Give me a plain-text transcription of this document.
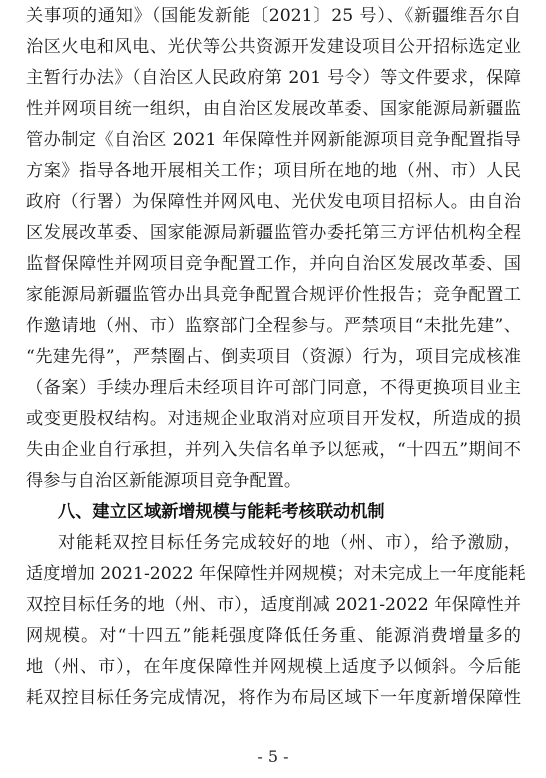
关事项的通知》（国能发新能〔2021〕25 号）、《新疆维吾尔自
治区火电和风电、光伏等公共资源开发建设项目公开招标选定业
主暂行办法》（自治区人民政府第 201 号令）等文件要求，保障
性并网项目统一组织，由自治区发展改革委、国家能源局新疆监
管办制定《自治区 2021 年保障性并网新能源项目竞争配置指导
方案》指导各地开展相关工作；项目所在地的地（州、市）人民
政府（行署）为保障性并网风电、光伏发电项目招标人。由自治
区发展改革委、国家能源局新疆监管办委托第三方评估机构全程
监督保障性并网项目竞争配置工作，并向自治区发展改革委、国
家能源局新疆监管办出具竞争配置合规评价性报告；竞争配置工
作邀请地（州、市）监察部门全程参与。严禁项目“未批先建”、
“先建先得”，严禁圈占、倒卖项目（资源）行为，项目完成核准
（备案）手续办理后未经项目许可部门同意，不得更换项目业主
或变更股权结构。对违规企业取消对应项目开发权，所造成的损
失由企业自行承担，并列入失信名单予以惩戒，“十四五”期间不
得参与自治区新能源项目竞争配置。
八、建立区域新增规模与能耗考核联动机制
对能耗双控目标任务完成较好的地（州、市），给予激励，
适度增加 2021-2022 年保障性并网规模；对未完成上一年度能耗
双控目标任务的地（州、市），适度削减 2021-2022 年保障性并
网规模。对“十四五”能耗强度降低任务重、能源消费增量多的
地（州、市），在年度保障性并网规模上适度予以倾斜。今后能
耗双控目标任务完成情况，将作为布局区域下一年度新增保障性
- 5 -
